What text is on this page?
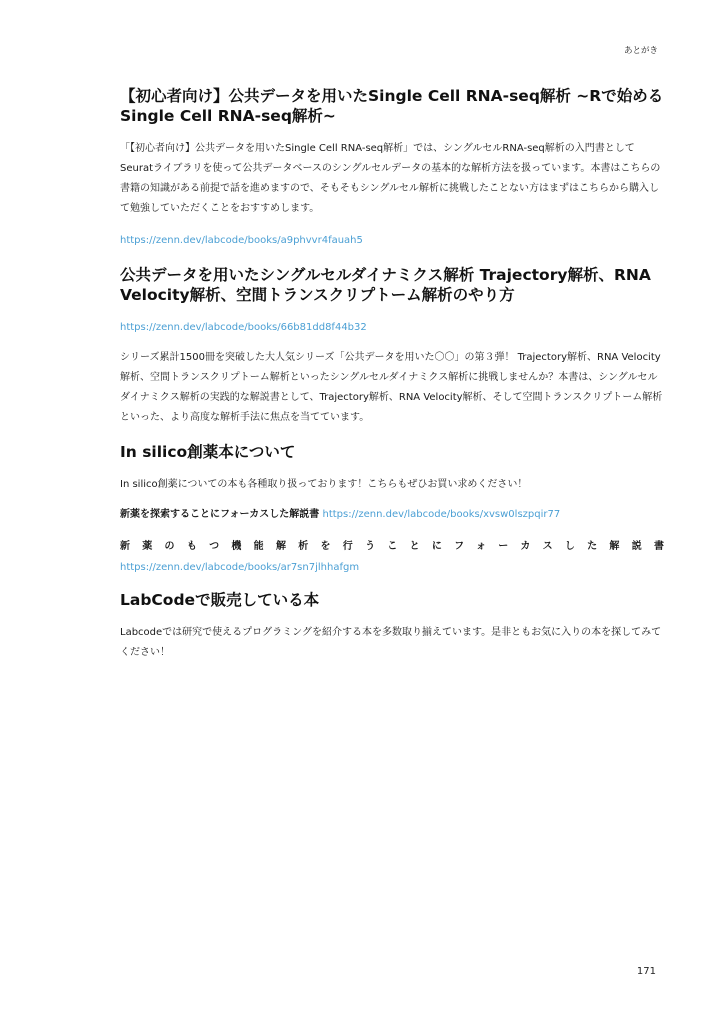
あとがき
【初心者向け】公共データを用いたSingle Cell RNA-seq解析 ~Rで始めるSingle Cell RNA-seq解析~

「【初心者向け】公共データを用いたSingle Cell RNA-seq解析」では、シングルセルRNA-seq解析の入門書としてSeuratライブラリを使って公共データベースのシングルセルデータの基本的な解析方法を扱っています。本書はこちらの書籍の知識がある前提で話を進めますので、そもそもシングルセル解析に挑戦したことない方はまずはこちらから購入して勉強していただくことをおすすめします。

https://zenn.dev/labcode/books/a9phvvr4fauah5

公共データを用いたシングルセルダイナミクス解析 Trajectory解析、RNA Velocity解析、空間トランスクリプトーム解析のやり方

https://zenn.dev/labcode/books/66b81dd8f44b32

シリーズ累計1500冊を突破した大人気シリーズ「公共データを用いた〇〇」の第３弾！ Trajectory解析、RNA Velocity解析、空間トランスクリプトーム解析といったシングルセルダイナミクス解析に挑戦しませんか？本書は、シングルセルダイナミクス解析の実践的な解説書として、Trajectory解析、RNA Velocity解析、そして空間トランスクリプトーム解析といった、より高度な解析手法に焦点を当てています。

In silico創薬本について

In silico創薬についての本も各種取り扱っております！こちらもぜひお買い求めください！

新薬を探索することにフォーカスした解説書 https://zenn.dev/labcode/books/xvsw0lszpqir77

新薬のもつ機能解析を行うことにフォーカスした解説書
https://zenn.dev/labcode/books/ar7sn7jlhhafgm
LabCodeで販売している本

Labcodeでは研究で使えるプログラミングを紹介する本を多数取り揃えています。是非ともお気に入りの本を探してみてください！

171
